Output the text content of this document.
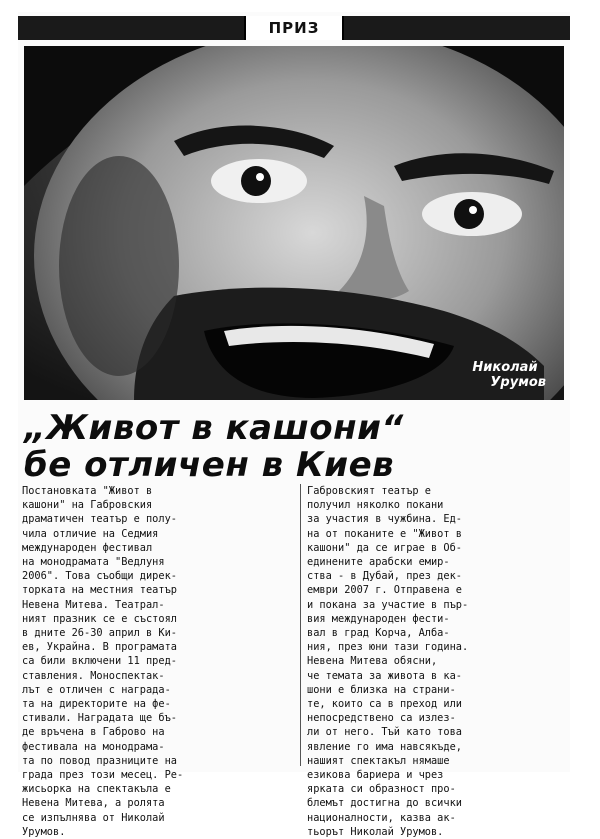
ПРИЗ
Николай
Урумов
„Живот в кашони“
бе отличен в Киев
Постановката "Живот в
кашони" на Габровския
драматичен театър е полу-
чила отличие на Седмия
международен фестивал
на монодрамата "Ведлуня
2006". Това съобщи дирек-
торката на местния театър
Невена Митева. Театрал-
ният празник се е състоял
в дните 26-30 април в Ки-
ев, Украйна. В програмата
са били включени 11 пред-
ставления. Моноспектак-
лът е отличен с награда-
та на директорите на фе-
стивали. Наградата ще бъ-
де връчена в Габрово на
фестивала на монодрама-
та по повод празниците на
града през този месец. Ре-
жисьорка на спектакъла е
Невена Митева, а ролята
се изпълнява от Николай
Урумов.
Габровският театър е
получил няколко покани
за участия в чужбина. Ед-
на от поканите е "Живот в
кашони" да се играе в Об-
единените арабски емир-
ства - в Дубай, през дек-
ември 2007 г. Отправена е
и покана за участие в пър-
вия международен фести-
вал в град Корча, Албa-
ния, през юни тази година.
Невена Митева обясни,
че темата за живота в ка-
шони е близка на страни-
те, които са в преход или
непосредствено са излез-
ли от него. Тъй като това
явление го има навсякъде,
нашият спектакъл нямаше
езикова бариера и чрез
ярката си образност про-
блемът достигна до всички
националности, казва ак-
тьорът Николай Урумов.
